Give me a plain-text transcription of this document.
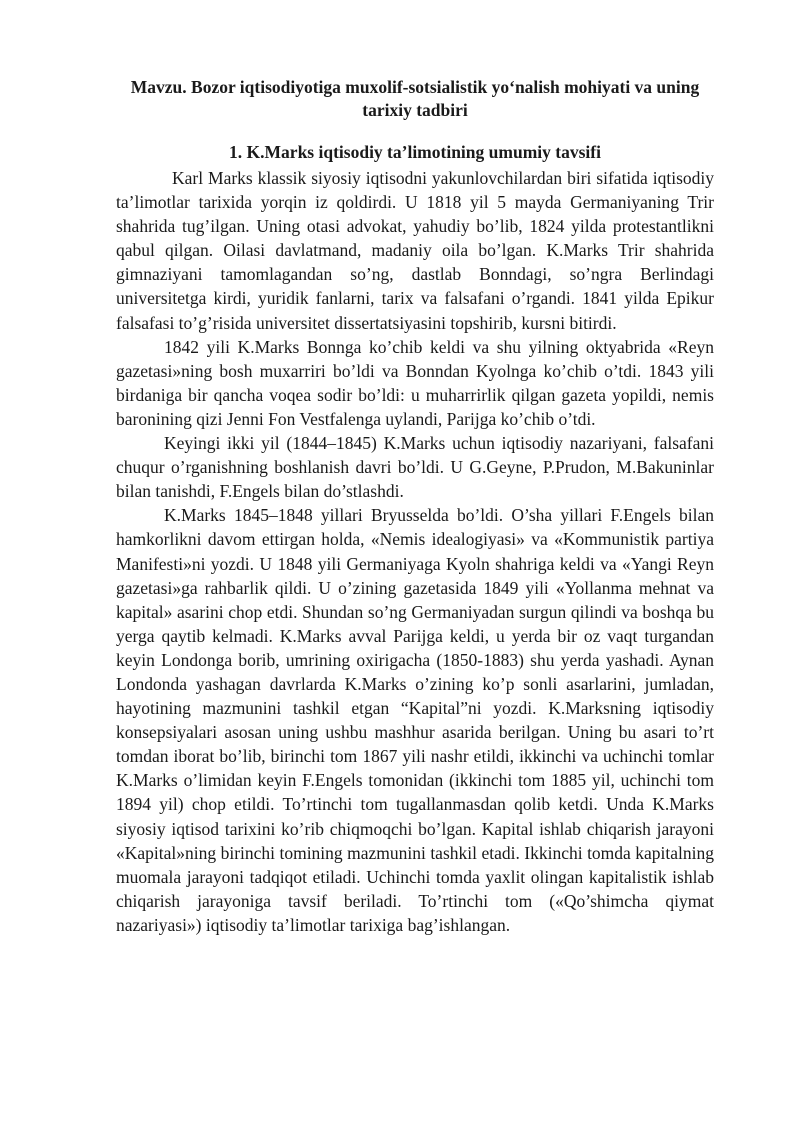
Mavzu. Bozor iqtisodiyotiga muxolif-sotsialistik yo‘nalish mohiyati va uning tarixiy tadbiri
1. K.Marks iqtisodiy ta’limotining umumiy tavsifi

Karl Marks klassik siyosiy iqtisodni yakunlovchilardan biri sifatida iqtisodiy ta’limotlar tarixida yorqin iz qoldirdi. U 1818 yil 5 mayda Germaniyaning Trir shahrida tug’ilgan. Uning otasi advokat, yahudiy bo’lib, 1824 yilda protestantlikni qabul qilgan. Oilasi davlatmand, madaniy oila bo’lgan. K.Marks Trir shahrida gimnaziyani tamomlagandan so’ng, dastlab Bonndagi, so’ngra Berlindagi universitetga kirdi, yuridik fanlarni, tarix va falsafani o’rgandi. 1841 yilda Epikur falsafasi to’g’risida universitet dissertatsiyasini topshirib, kursni bitirdi.

1842 yili K.Marks Bonnga ko’chib keldi va shu yilning oktyabrida «Reyn gazetasi»ning bosh muxarriri bo’ldi va Bonndan Kyolnga ko’chib o’tdi. 1843 yili birdaniga bir qancha voqea sodir bo’ldi: u muharrirlik qilgan gazeta yopildi, nemis baronining qizi Jenni Fon Vestfalenga uylandi, Parijga ko’chib o’tdi.

Keyingi ikki yil (1844–1845) K.Marks uchun iqtisodiy nazariyani, falsafani chuqur o’rganishning boshlanish davri bo’ldi. U G.Geyne, P.Prudon, M.Bakuninlar bilan tanishdi, F.Engels bilan do’stlashdi.

K.Marks 1845–1848 yillari Bryusselda bo’ldi. O’sha yillari F.Engels bilan hamkorlikni davom ettirgan holda, «Nemis idealogiyasi» va «Kommunistik partiya Manifesti»ni yozdi. U 1848 yili Germaniyaga Kyoln shahriga keldi va «Yangi Reyn gazetasi»ga rahbarlik qildi. U o’zining gazetasida 1849 yili «Yollanma mehnat va kapital» asarini chop etdi. Shundan so’ng Germaniyadan surgun qilindi va boshqa bu yerga qaytib kelmadi. K.Marks avval Parijga keldi, u yerda bir oz vaqt turgandan keyin Londonga borib, umrining oxirigacha (1850-1883) shu yerda yashadi. Aynan Londonda yashagan davrlarda K.Marks o’zining ko’p sonli asarlarini, jumladan, hayotining mazmunini tashkil etgan “Kapital”ni yozdi. K.Marksning iqtisodiy konsepsiyalari asosan uning ushbu mashhur asarida berilgan. Uning bu asari to’rt tomdan iborat bo’lib, birinchi tom 1867 yili nashr etildi, ikkinchi va uchinchi tomlar K.Marks o’limidan keyin F.Engels tomonidan (ikkinchi tom 1885 yil, uchinchi tom 1894 yil) chop etildi. To’rtinchi tom tugallanmasdan qolib ketdi. Unda K.Marks siyosiy iqtisod tarixini ko’rib chiqmoqchi bo’lgan. Kapital ishlab chiqarish jarayoni «Kapital»ning birinchi tomining mazmunini tashkil etadi. Ikkinchi tomda kapitalning muomala jarayoni tadqiqot etiladi. Uchinchi tomda yaxlit olingan kapitalistik ishlab chiqarish jarayoniga tavsif beriladi. To’rtinchi tom («Qo’shimcha qiymat nazariyasi») iqtisodiy ta’limotlar tarixiga bag’ishlangan.
